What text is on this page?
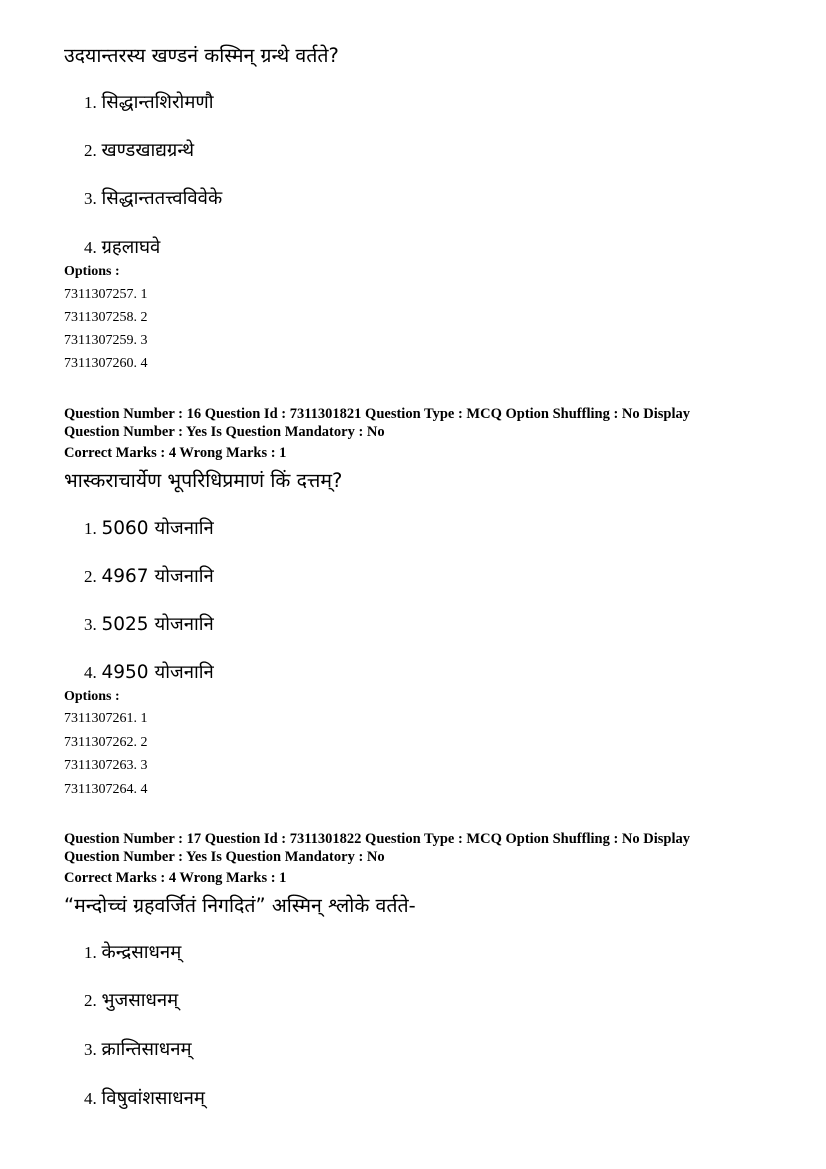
उदयान्तरस्य खण्डनं कस्मिन् ग्रन्थे वर्तते?
1. सिद्धान्तशिरोमणौ
2. खण्डखाद्यग्रन्थे
3. सिद्धान्ततत्त्वविवेके
4. ग्रहलाघवे
Options :
7311307257. 1
7311307258. 2
7311307259. 3
7311307260. 4
Question Number : 16 Question Id : 7311301821 Question Type : MCQ Option Shuffling : No Display
Question Number : Yes Is Question Mandatory : No
Correct Marks : 4 Wrong Marks : 1
भास्कराचार्येण भूपरिधिप्रमाणं किं दत्तम्?
1. 5060 योजनानि
2. 4967 योजनानि
3. 5025 योजनानि
4. 4950 योजनानि
Options :
7311307261. 1
7311307262. 2
7311307263. 3
7311307264. 4
Question Number : 17 Question Id : 7311301822 Question Type : MCQ Option Shuffling : No Display
Question Number : Yes Is Question Mandatory : No
Correct Marks : 4 Wrong Marks : 1
“मन्दोच्चं ग्रहवर्जितं निगदितं” अस्मिन् श्लोके वर्तते-
1. केन्द्रसाधनम्
2. भुजसाधनम्
3. क्रान्तिसाधनम्
4. विषुवांशसाधनम्
